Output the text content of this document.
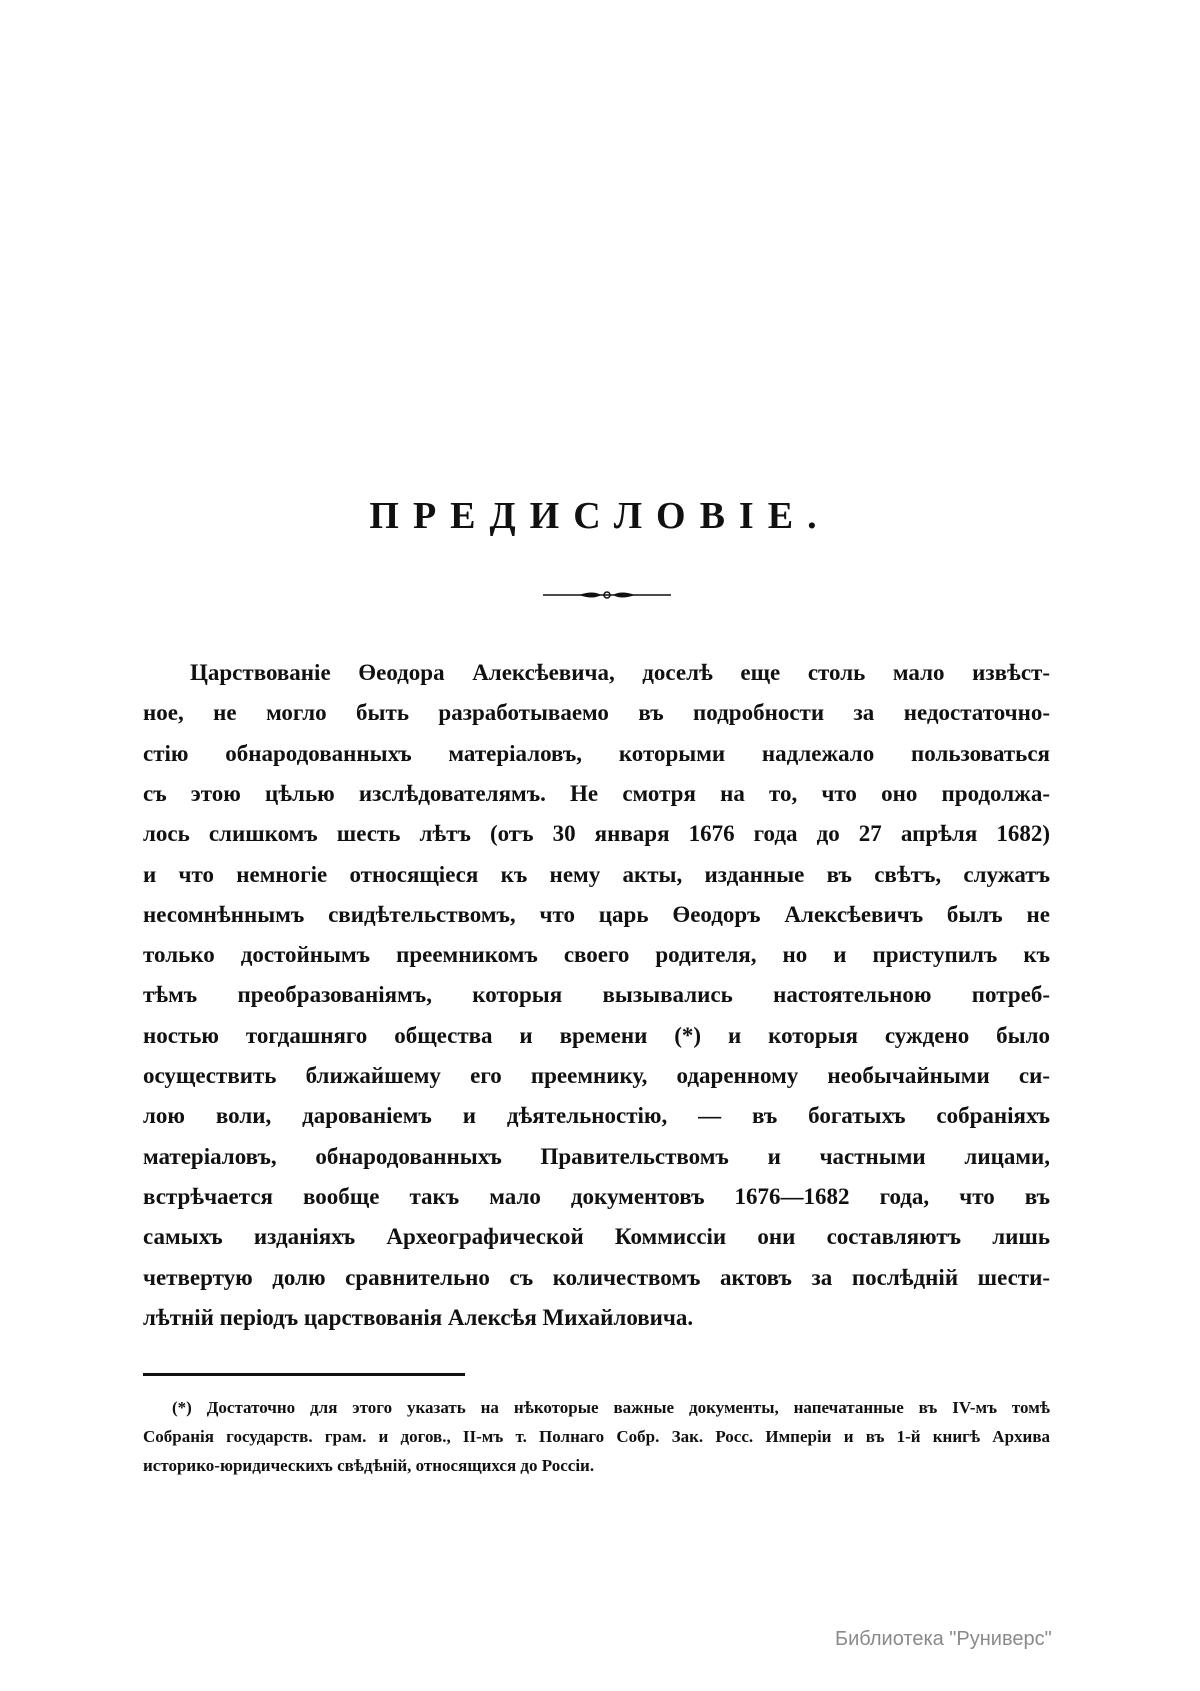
ПРЕДИСЛОВІЕ.
Царствованіе Өеодора Алексѣевича, доселѣ еще столь мало извѣст-
ное, не могло быть разработываемо въ подробности за недостаточно-
стію обнародованныхъ матеріаловъ, которыми надлежало пользоваться
съ этою цѣлью изслѣдователямъ. Не смотря на то, что оно продолжа-
лось слишкомъ шесть лѣтъ (отъ 30 января 1676 года до 27 апрѣля 1682)
и что немногіе относящіеся къ нему акты, изданные въ свѣтъ, служатъ
несомнѣннымъ свидѣтельствомъ, что царь Өеодоръ Алексѣевичъ былъ не
только достойнымъ преемникомъ своего родителя, но и приступилъ къ
тѣмъ преобразованіямъ, которыя вызывались настоятельною потреб-
ностью тогдашняго общества и времени (*) и которыя суждено было
осуществить ближайшему его преемнику, одаренному необычайными си-
лою воли, дарованіемъ и дѣятельностію, — въ богатыхъ собраніяхъ
матеріаловъ, обнародованныхъ Правительствомъ и частными лицами,
встрѣчается вообще такъ мало документовъ 1676—1682 года, что въ
самыхъ изданіяхъ Археографической Коммиссіи они составляютъ лишь
четвертую долю сравнительно съ количествомъ актовъ за послѣдній шести-
лѣтній періодъ царствованія Алексѣя Михайловича.
(*) Достаточно для этого указать на нѣкоторые важные документы, напечатанные въ IV-мъ томѣ
Собранія государств. грам. и догов., II-мъ т. Полнаго Собр. Зак. Росс. Имперіи и въ 1-й книгѣ Архива
историко-юридическихъ свѣдѣній, относящихся до Россіи.
Библиотека "Руниверс"
